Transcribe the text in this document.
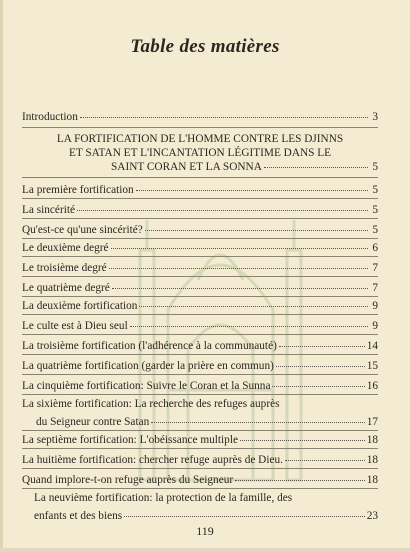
Table des matières
Introduction	3
LA FORTIFICATION DE L'HOMME CONTRE LES DJINNS
ET SATAN ET L'INCANTATION LÉGITIME DANS LE
SAINT CORAN ET LA SONNA	5
La première fortification	5
La sincérité	5
Qu'est-ce qu'une sincérité?	5
Le deuxième degré	6
Le troisième degré	7
Le quatrième degré	7
La deuxième fortification	9
Le culte est à Dieu seul	9
La troisième fortification (l'adhérence à la communauté)	14
La quatrième fortification (garder la prière en commun)	15
La cinquième fortification: Suivre le Coran et la Sunna	16
La sixième fortification: La recherche des refuges auprès
du Seigneur contre Satan	17
La septième fortification: L'obéissance multiple	18
La huitième fortification: chercher refuge auprès de Dieu.	18
Quand implore-t-on refuge auprès du Seigneur	18
La neuvième fortification: la protection de la famille, des
enfants et des biens	23
119
